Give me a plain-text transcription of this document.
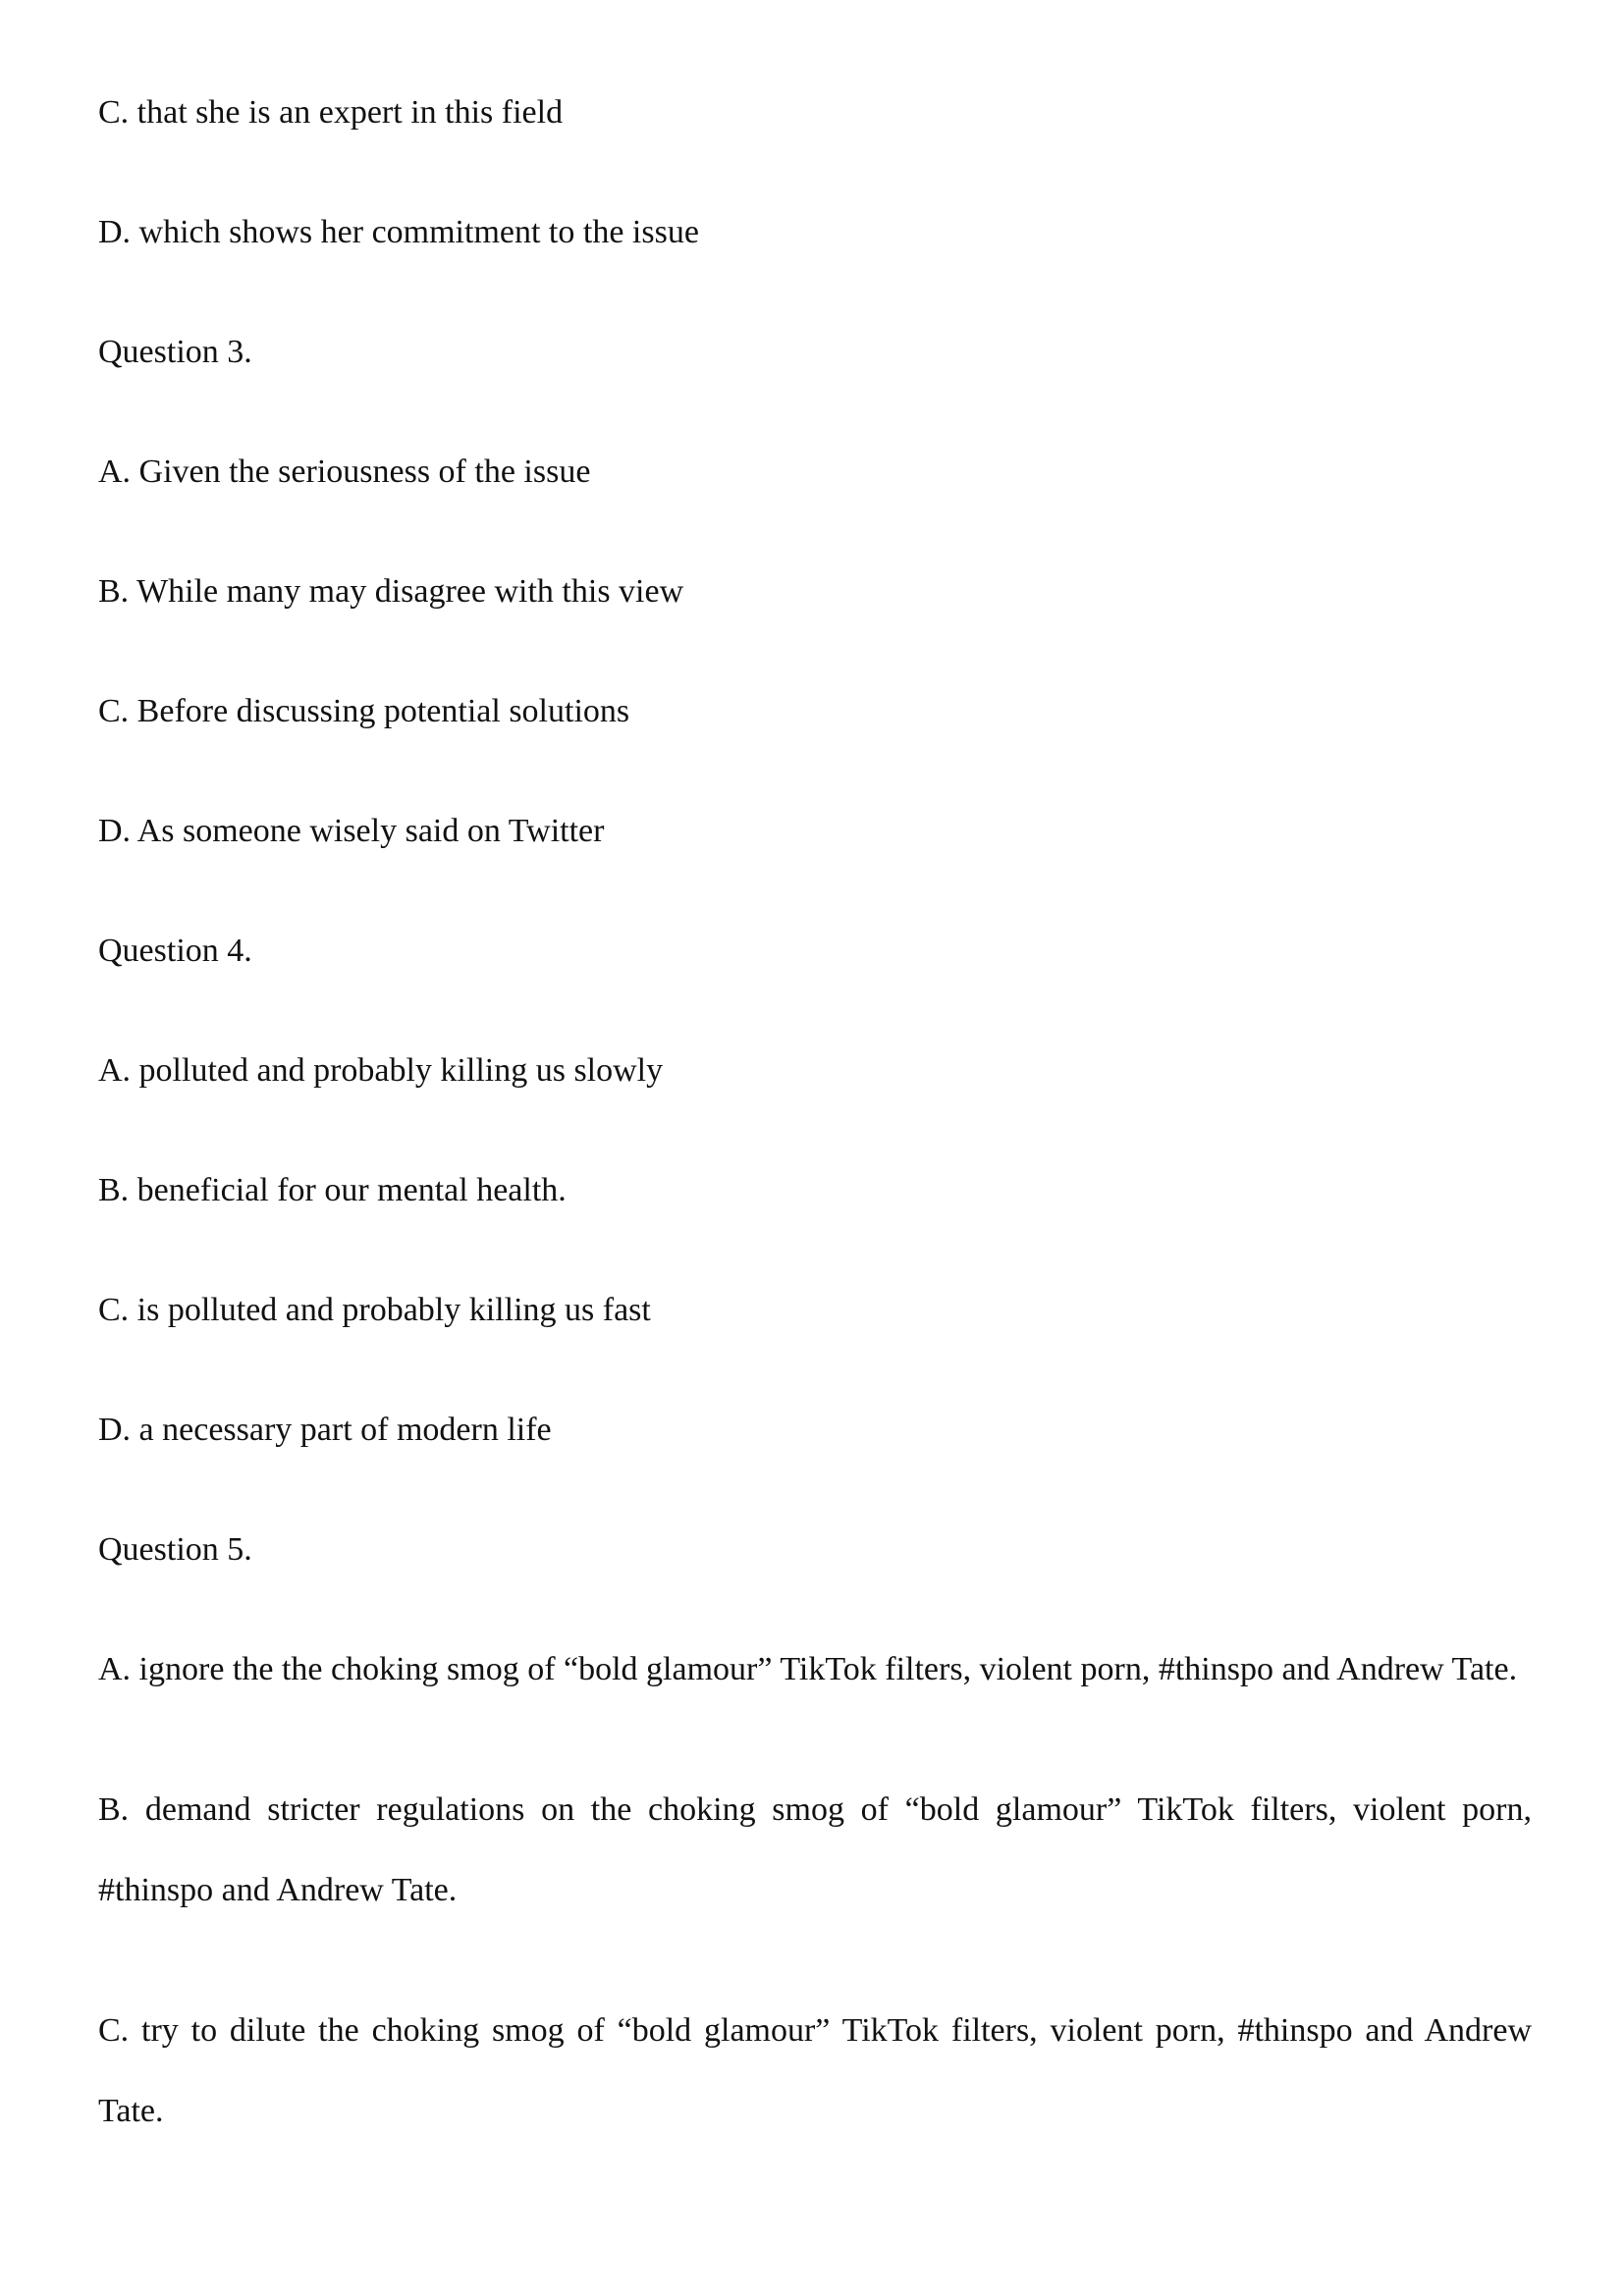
C. that she is an expert in this field

D. which shows her commitment to the issue

Question 3.

A. Given the seriousness of the issue

B. While many may disagree with this view

C. Before discussing potential solutions

D. As someone wisely said on Twitter

Question 4.

A. polluted and probably killing us slowly

B. beneficial for our mental health.

C. is polluted and probably killing us fast

D. a necessary part of modern life

Question 5.

A. ignore the the choking smog of “bold glamour” TikTok filters, violent porn, #thinspo and Andrew Tate.

B. demand stricter regulations on the choking smog of “bold glamour” TikTok filters, violent porn, #thinspo and Andrew Tate.

C. try to dilute the choking smog of “bold glamour” TikTok filters, violent porn, #thinspo and Andrew Tate.
